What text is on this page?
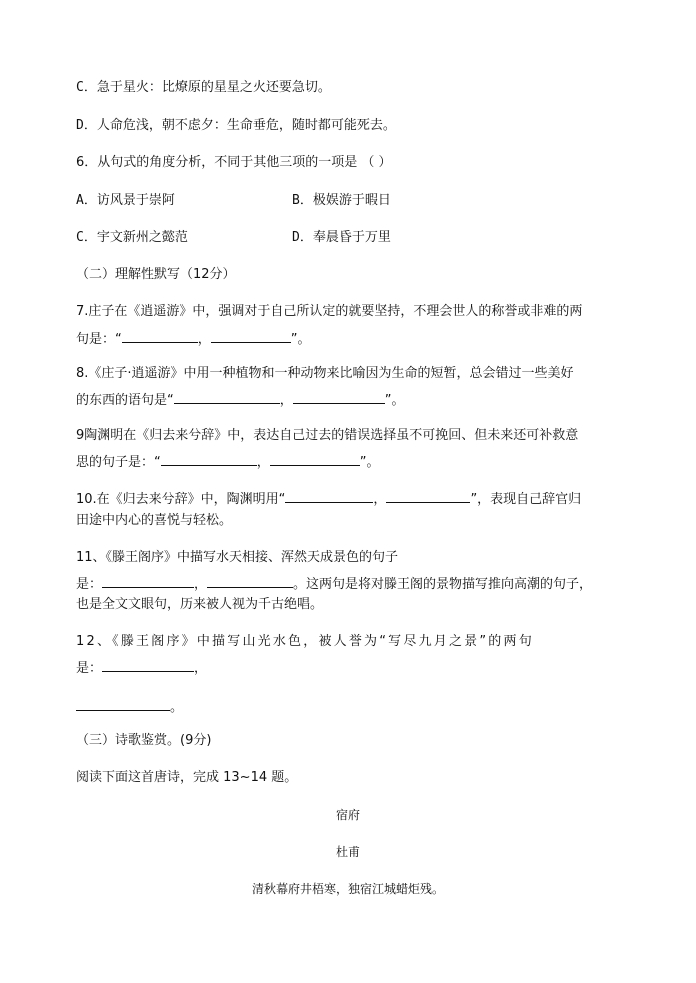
C．急于星火：比燎原的星星之火还要急切。
D．人命危浅，朝不虑夕：生命垂危，随时都可能死去。
6．从句式的角度分析，不同于其他三项的一项是 （ ）
A．访风景于崇阿	B．极娱游于暇日
C．宇文新州之懿范	D．奉晨昏于万里
（二）理解性默写（12分）
7.庄子在《逍遥游》中，强调对于自己所认定的就要坚持，不理会世人的称誉或非难的两
句是：“	，	”。
8.《庄子·逍遥游》中用一种植物和一种动物来比喻因为生命的短暂，总会错过一些美好
的东西的语句是“	，	”。
9陶渊明在《归去来兮辞》中，表达自己过去的错误选择虽不可挽回、但未来还可补救意
思的句子是：“	，	”。
10.在《归去来兮辞》中，陶渊明用“	，	”，表现自己辞官归
田途中内心的喜悦与轻松。
11、《滕王阁序》中描写水天相接、浑然天成景色的句子
是：	，	。这两句是将对滕王阁的景物描写推向高潮的句子，
也是全文文眼句，历来被人视为千古绝唱。
12、《滕王阁序》中描写山光水色，被人誉为“写尽九月之景”的两句
是：	，
。
（三）诗歌鉴赏。(9分)
阅读下面这首唐诗，完成 13~14 题。
宿府
杜甫
清秋幕府井梧寒，独宿江城蜡炬残。
